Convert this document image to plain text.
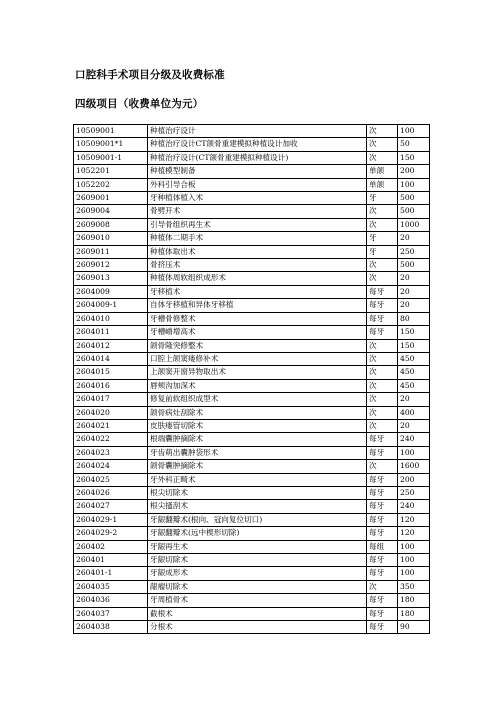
口腔科手术项目分级及收费标准
四级项目（收费单位为元）
10509001	种植治疗设计	次	100
10509001*1	种植治疗设计CT颌骨重建模拟种植设计加收	次	50
10509001-1	种植治疗设计(CT颌骨重建模拟种植设计)	次	150
1052201	种植模型制备	单颌	200
1052202	外科引导合板	单颌	100
2609001	牙种植体植入术	牙	500
2609004	骨劈开术	次	500
2609008	引导骨组织再生术	次	1000
2609010	种植体二期手术	牙	20
2609011	种植体取出术	牙	250
2609012	骨挤压术	次	500
2609013	种植体周软组织成形术	次	20
2604009	牙移植术	每牙	20
2604009-1	自体牙移植和异体牙移植	每牙	20
2604010	牙槽骨修整术	每牙	80
2604011	牙槽嵴增高术	每牙	150
2604012	颌骨隆突修整术	次	150
2604014	口腔上颌窦瘘修补术	次	450
2604015	上颌窦开窗异物取出术	次	450
2604016	唇颊沟加深术	次	450
2604017	修复前软组织成型术	次	20
2604020	颌骨病灶刮除术	次	400
2604021	皮肤瘘管切除术	次	20
2604022	根端囊肿摘除术	每牙	240
2604023	牙齿萌出囊肿袋形术	每牙	100
2604024	颌骨囊肿摘除术	次	1600
2604025	牙外科正畸术	每牙	200
2604026	根尖切除术	每牙	250
2604027	根尖搔刮术	每牙	240
2604029-1	牙龈翻瓣术(根向、冠向复位切口)	每牙	120
2604029-2	牙龈翻瓣术(远中楔形切除)	每牙	120
260402	牙龈再生术	每组	100
260401	牙龈切除术	每牙	100
260401-1	牙龈成形术	每牙	100
2604035	龈瘤切除术	次	350
2604036	牙周植骨术	每牙	180
2604037	截根术	每牙	180
2604038	分根术	每牙	90
